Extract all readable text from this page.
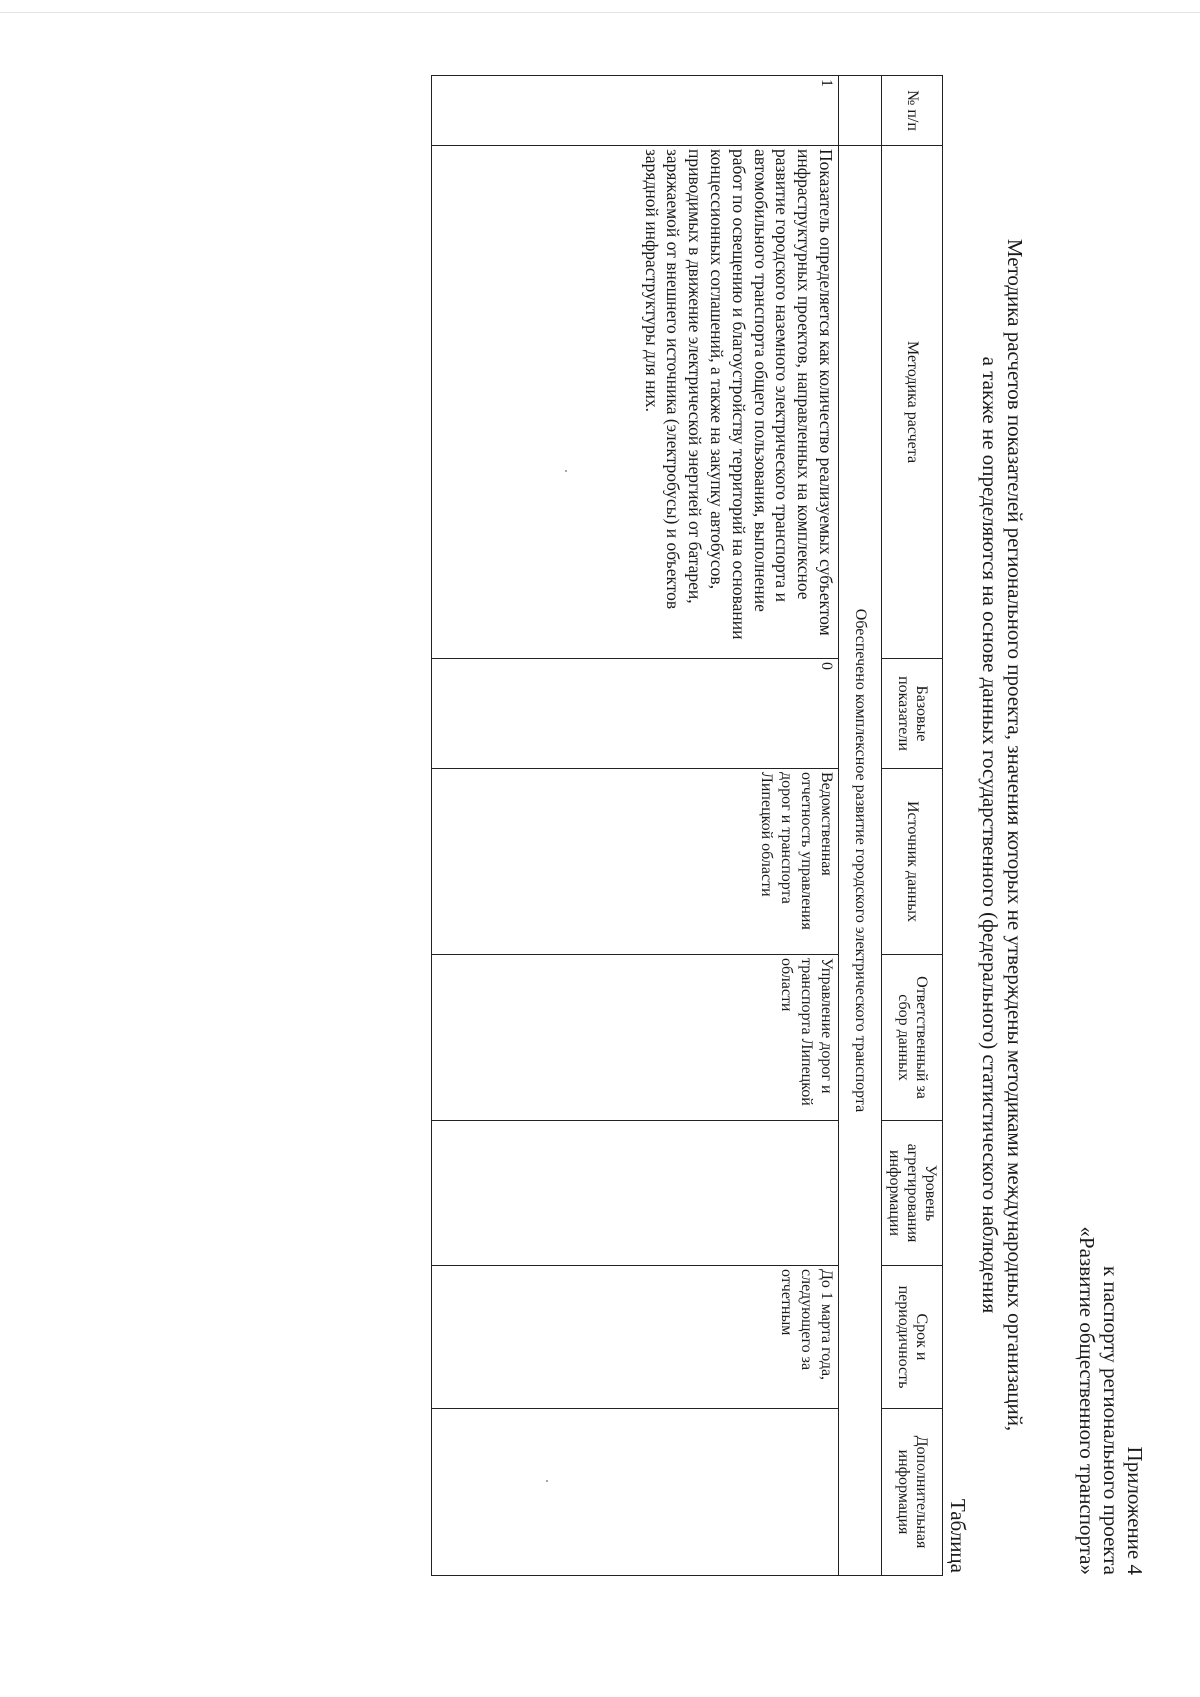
Приложение 4
к паспорту регионального проекта
«Развитие общественного транспорта»
Методика расчетов показателей регионального проекта, значения которых не утверждены методиками международных организаций,
а также не определяются на основе данных государственного (федерального) статистического наблюдения
Таблица
№ п/п	Методика расчета	Базовые показатели	Источник данных	Ответственный за сбор данных	Уровень агрегирования информации	Срок и периодичность	Дополнительная информация
	Обеспечено комплексное развитие городского электрического транспорта						
1	Показатель определяется как количество реализуемых субъектом инфраструктурных проектов, направленных на комплексное развитие городского наземного электрического транспорта и автомобильного транспорта общего пользования, выполнение работ по освещению и благоустройству территорий на основании концессионных соглашений, а также на закупку автобусов, приводимых в движение электрической энергией от батареи, заряжаемой от внешнего источника (электробусы) и объектов зарядной инфраструктуры для них.	0	Ведомственная отчетность управления дорог и транспорта Липецкой области	Управление дорог и транспорта Липецкой области		До 1 марта года, следующего за отчетным	
